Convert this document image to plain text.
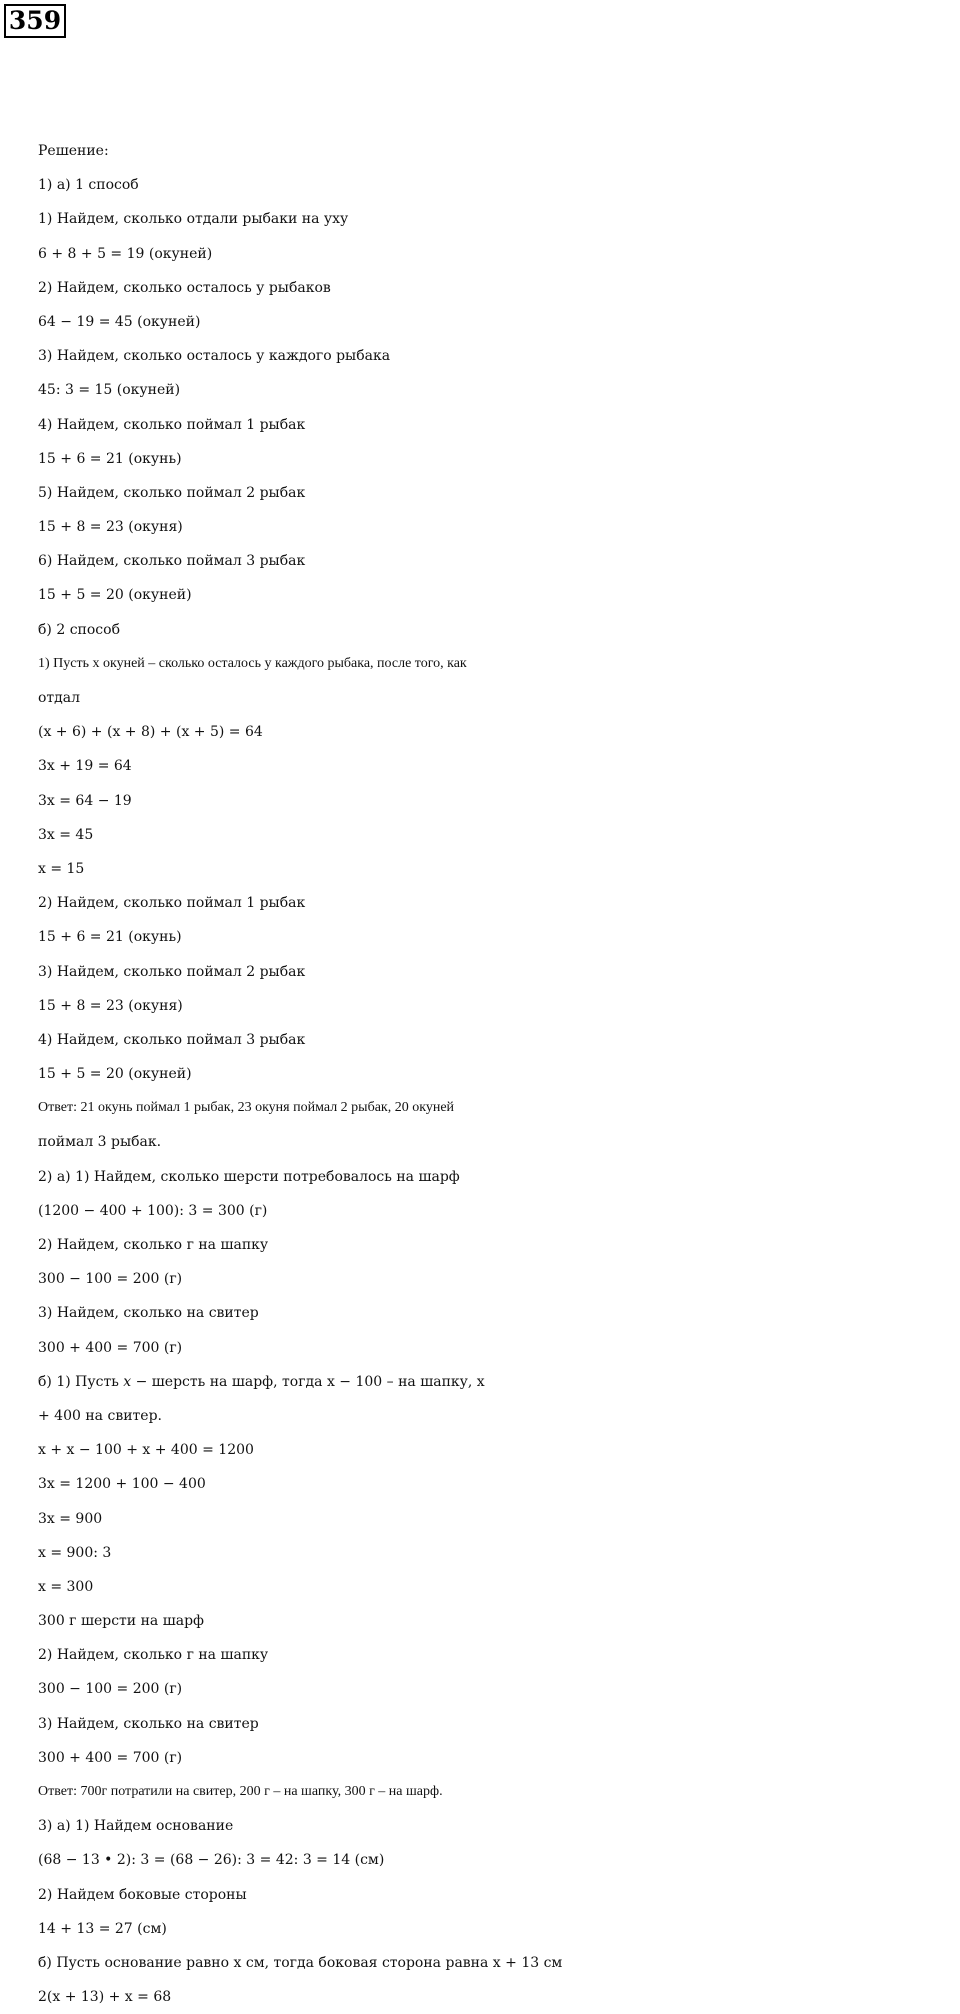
359
Решение:
1) а) 1 способ
1) Найдем, сколько отдали рыбаки на уху
6 + 8 + 5 = 19 (окуней)
2) Найдем, сколько осталось у рыбаков
64 − 19 = 45 (окуней)
3) Найдем, сколько осталось у каждого рыбака
45: 3 = 15 (окуней)
4) Найдем, сколько поймал 1 рыбак
15 + 6 = 21 (окунь)
5) Найдем, сколько поймал 2 рыбак
15 + 8 = 23 (окуня)
6) Найдем, сколько поймал 3 рыбак
15 + 5 = 20 (окуней)
б) 2 способ
1) Пусть х окуней – сколько осталось у каждого рыбака, после того, как
отдал
(x + 6) + (x + 8) + (x + 5) = 64
3x + 19 = 64
3x = 64 − 19
3x = 45
x = 15
2) Найдем, сколько поймал 1 рыбак
15 + 6 = 21 (окунь)
3) Найдем, сколько поймал 2 рыбак
15 + 8 = 23 (окуня)
4) Найдем, сколько поймал 3 рыбак
15 + 5 = 20 (окуней)
Ответ: 21 окунь поймал 1 рыбак, 23 окуня поймал 2 рыбак, 20 окуней
поймал 3 рыбак.
2) а) 1) Найдем, сколько шерсти потребовалось на шарф
(1200 − 400 + 100): 3 = 300 (г)
2) Найдем, сколько г на шапку
300 − 100 = 200 (г)
3) Найдем, сколько на свитер
300 + 400 = 700 (г)
б) 1) Пусть 𝑥 − шерсть на шарф, тогда x − 100 – на шапку, x
+ 400 на свитер.
x + x − 100 + x + 400 = 1200
3x = 1200 + 100 − 400
3x = 900
x = 900: 3
x = 300
300 г шерсти на шарф
2) Найдем, сколько г на шапку
300 − 100 = 200 (г)
3) Найдем, сколько на свитер
300 + 400 = 700 (г)
Ответ: 700г потратили на свитер, 200 г – на шапку, 300 г – на шарф.
3) а) 1) Найдем основание
(68 − 13 • 2): 3 = (68 − 26): 3 = 42: 3 = 14 (см)
2) Найдем боковые стороны
14 + 13 = 27 (см)
б) Пусть основание равно x см, тогда боковая сторона равна x + 13 см
2(x + 13) + x = 68
